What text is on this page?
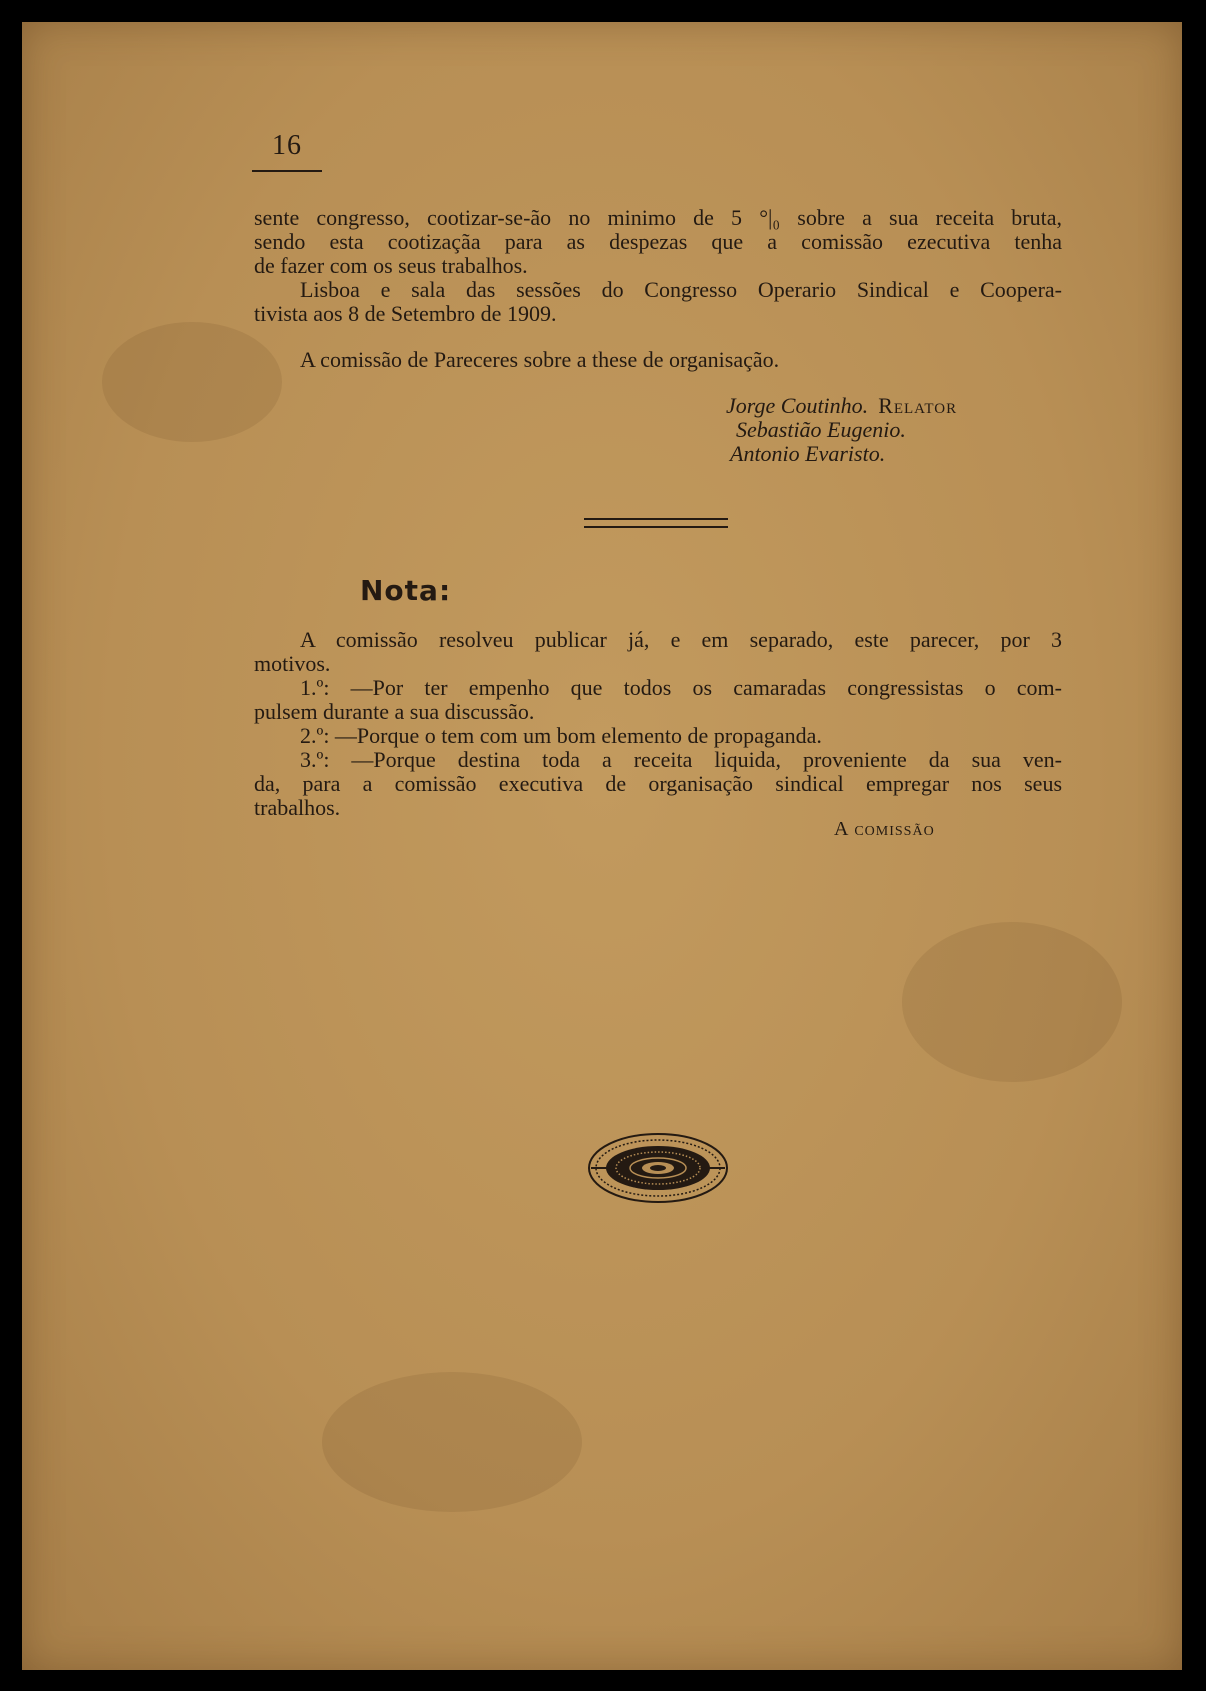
16
sente congresso, cootizar-se-ão no minimo de 5 °|₀ sobre a sua receita bruta,
sendo esta cootizaçãa para as despezas que a comissão ezecutiva tenha
de fazer com os seus trabalhos.
Lisboa e sala das sessões do Congresso Operario Sindical e Coopera-
tivista aos 8 de Setembro de 1909.
A comissão de Pareceres sobre a these de organisação.
Jorge Coutinho. Relator
Sebastião Eugenio.
Antonio Evaristo.
Nota:
A comissão resolveu publicar já, e em separado, este parecer, por 3
motivos.
1.º: —Por ter empenho que todos os camaradas congressistas o com-
pulsem durante a sua discussão.
2.º: —Porque o tem com um bom elemento de propaganda.
3.º: —Porque destina toda a receita liquida, proveniente da sua ven-
da, para a comissão executiva de organisação sindical empregar nos seus
trabalhos.
A comissão
